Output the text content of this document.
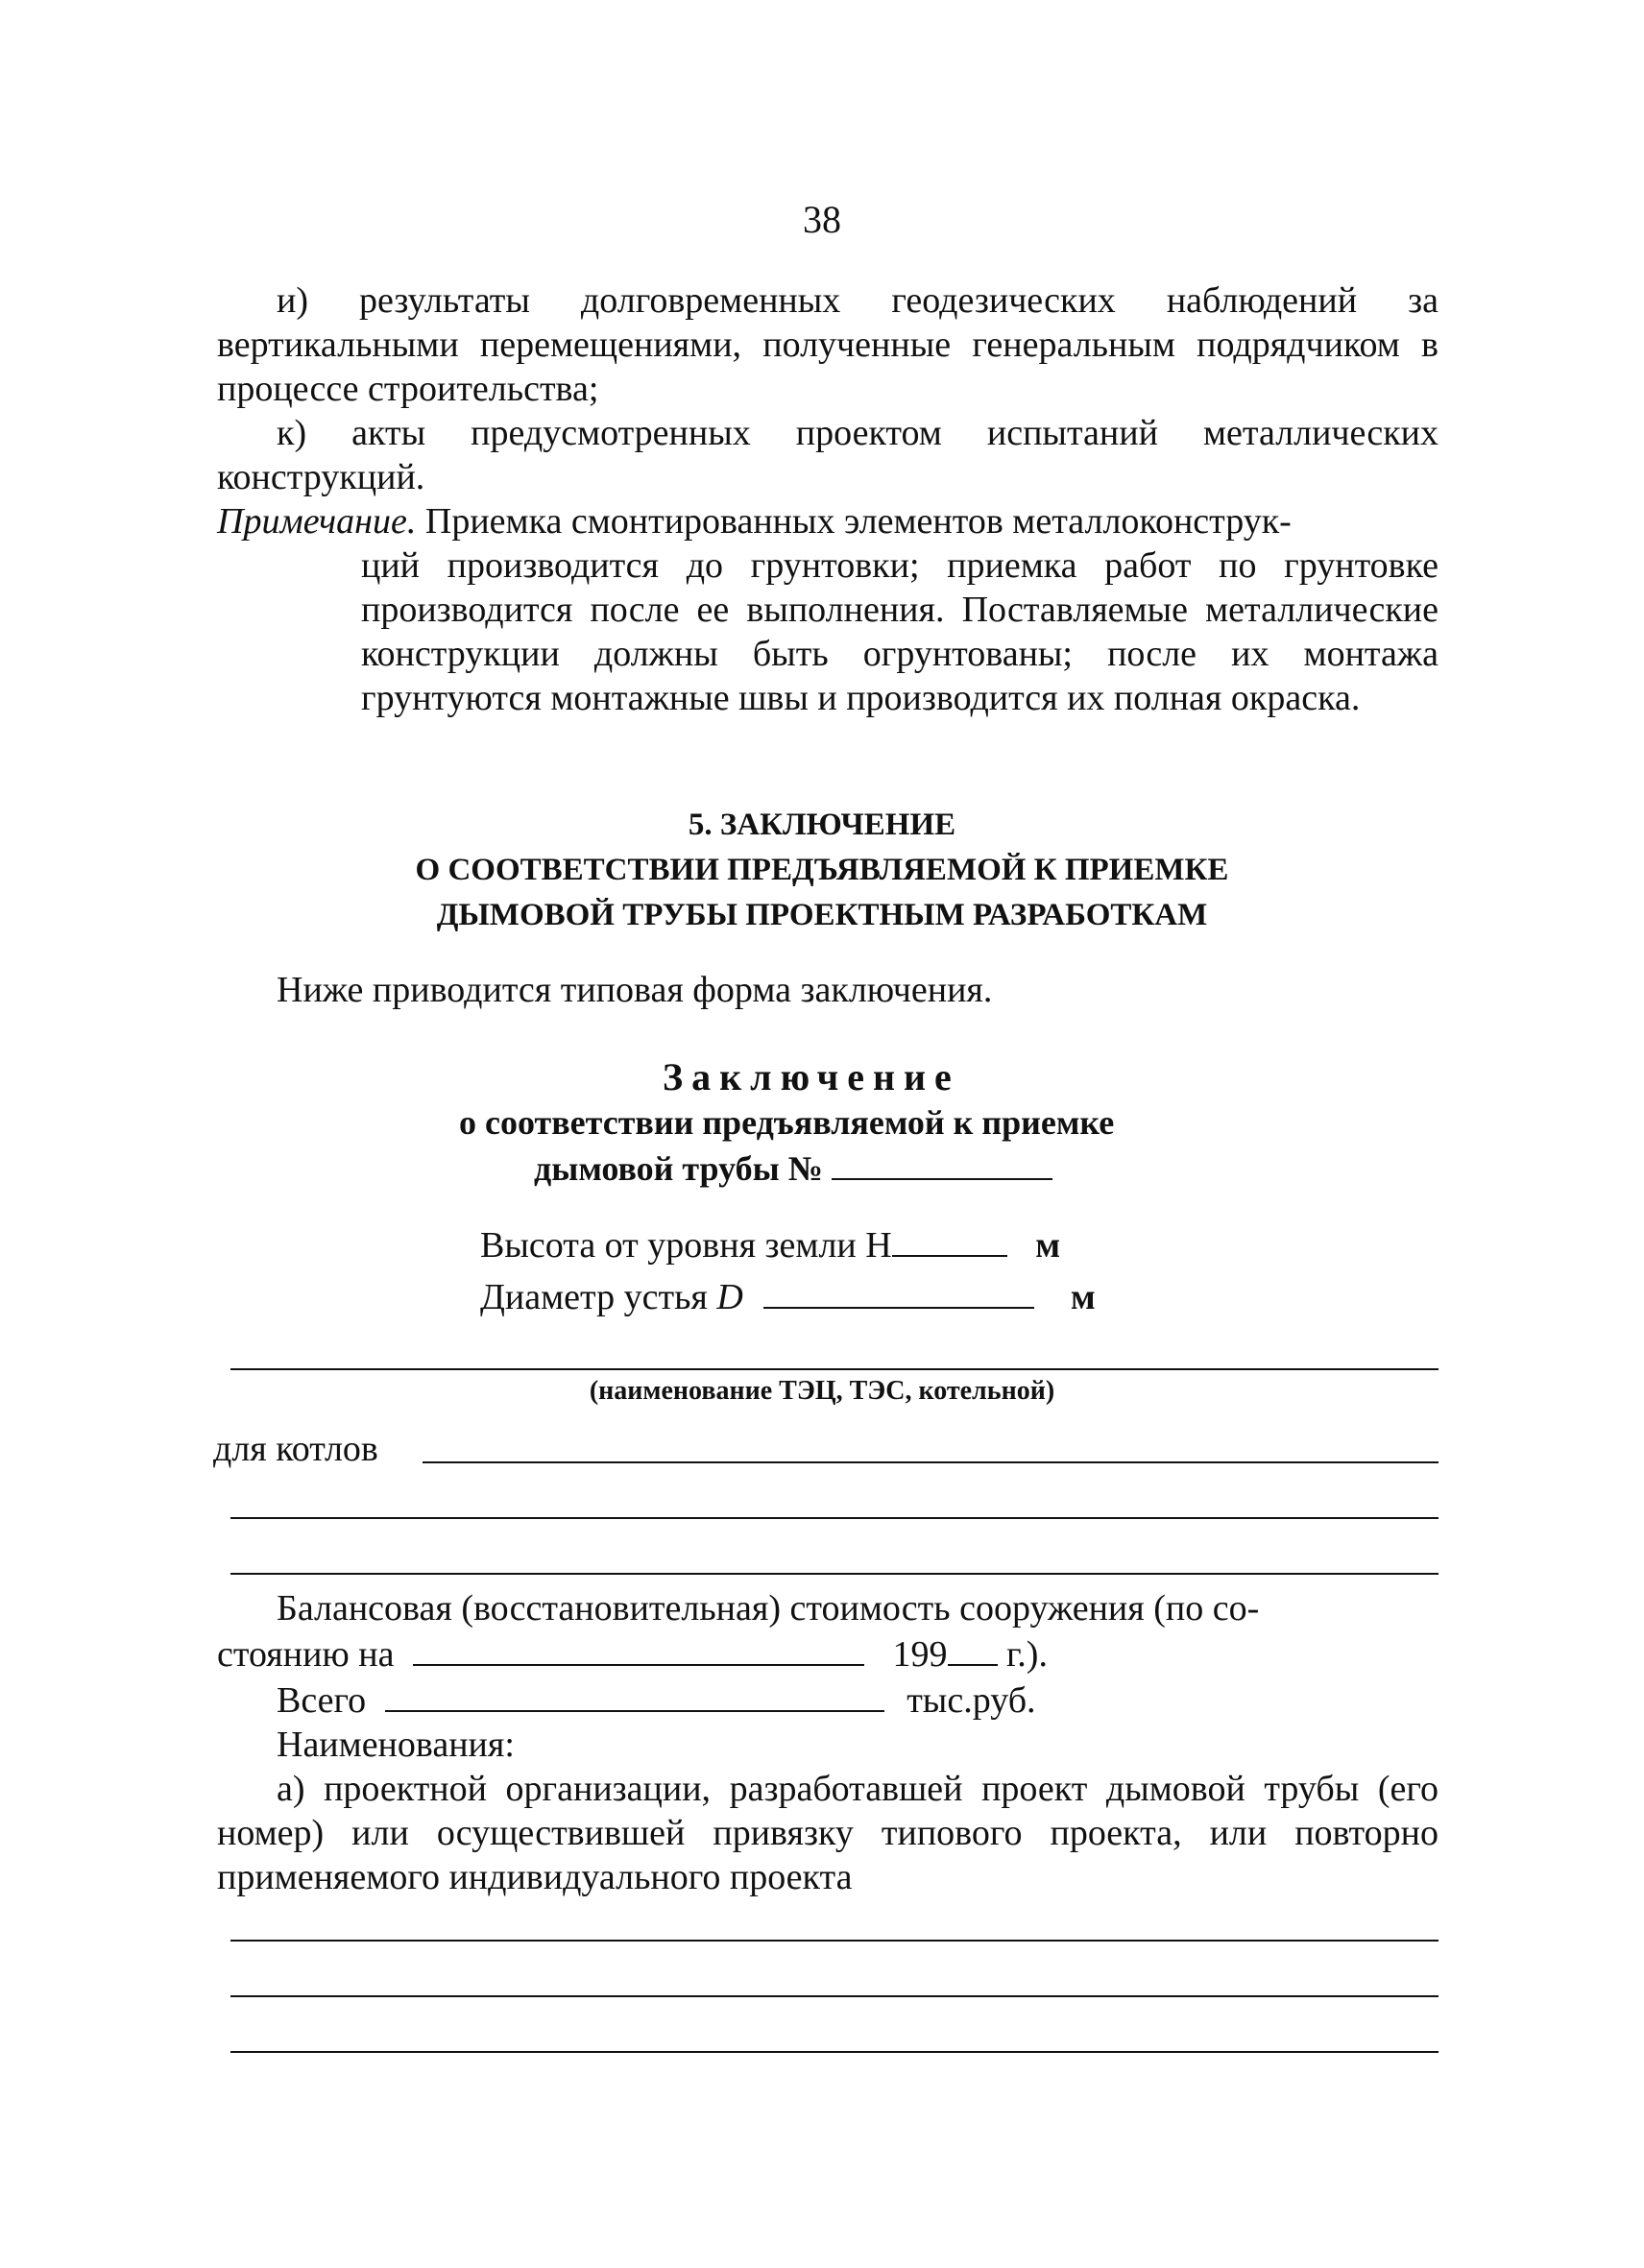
38

и) результаты долговременных геодезических наблюдений за вертикальными перемещениями, полученные генеральным подрядчиком в процессе строительства;

к) акты предусмотренных проектом испытаний металлических конструкций.

Примечание. Приемка смонтированных элементов металлоконструк-

ций производится до грунтовки; приемка работ по грунтовке производится после ее выполнения. Поставляемые металлические конструкции должны быть огрунтованы; после их монтажа грунтуются монтажные швы и производится их полная окраска.

5. ЗАКЛЮЧЕНИЕ
О СООТВЕТСТВИИ ПРЕДЪЯВЛЯЕМОЙ К ПРИЕМКЕ
ДЫМОВОЙ ТРУБЫ ПРОЕКТНЫМ РАЗРАБОТКАМ
Ниже приводится типовая форма заключения.
Заключение
о соответствии предъявляемой к приемке
дымовой трубы №
Высота от уровня земли Н	м
Диаметр устья D	м
(наименование ТЭЦ, ТЭС, котельной)
для котлов
Балансовая (восстановительная) стоимость сооружения (по со-
стоянию на	199 г.).
Всего	тыс.руб.
Наименования:

а) проектной организации, разработавшей проект дымовой трубы (его номер) или осуществившей привязку типового проекта, или повторно применяемого индивидуального проекта
